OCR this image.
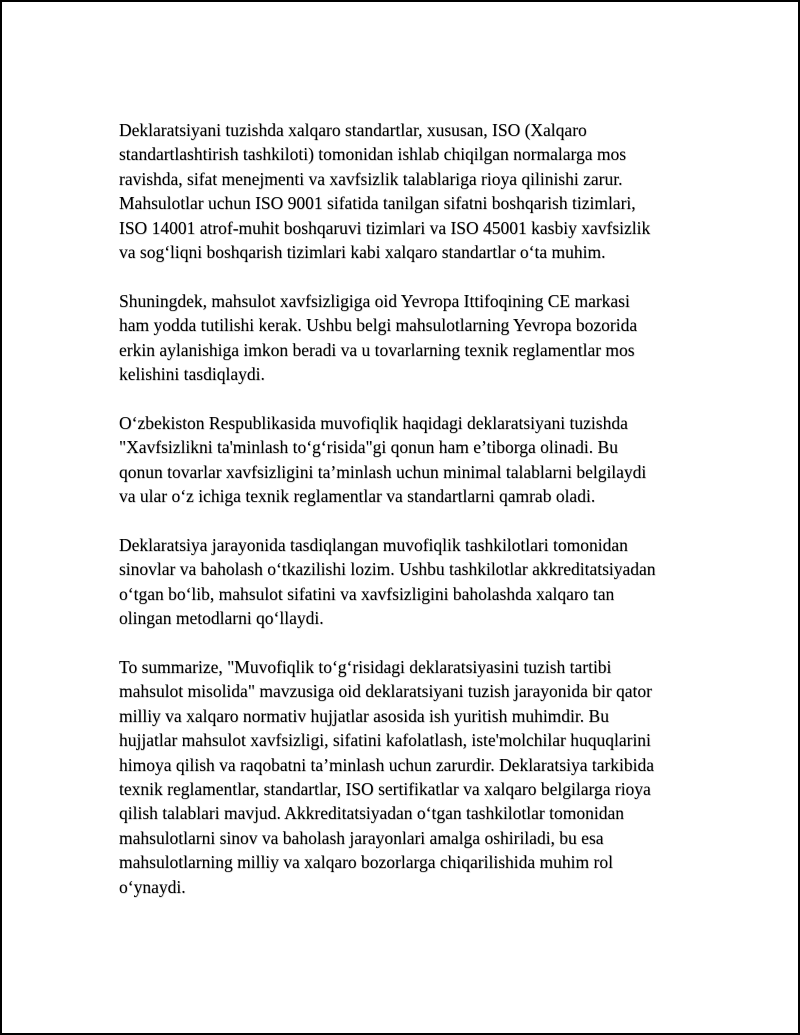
Deklaratsiyani tuzishda xalqaro standartlar, xususan, ISO (Xalqaro
standartlashtirish tashkiloti) tomonidan ishlab chiqilgan normalarga mos
ravishda, sifat menejmenti va xavfsizlik talablariga rioya qilinishi zarur.
Mahsulotlar uchun ISO 9001 sifatida tanilgan sifatni boshqarish tizimlari,
ISO 14001 atrof-muhit boshqaruvi tizimlari va ISO 45001 kasbiy xavfsizlik
va sog‘liqni boshqarish tizimlari kabi xalqaro standartlar o‘ta muhim.

Shuningdek, mahsulot xavfsizligiga oid Yevropa Ittifoqining CE markasi
ham yodda tutilishi kerak. Ushbu belgi mahsulotlarning Yevropa bozorida
erkin aylanishiga imkon beradi va u tovarlarning texnik reglamentlar mos
kelishini tasdiqlaydi.

O‘zbekiston Respublikasida muvofiqlik haqidagi deklaratsiyani tuzishda
"Xavfsizlikni ta'minlash to‘g‘risida"gi qonun ham e’tiborga olinadi. Bu
qonun tovarlar xavfsizligini ta’minlash uchun minimal talablarni belgilaydi
va ular o‘z ichiga texnik reglamentlar va standartlarni qamrab oladi.

Deklaratsiya jarayonida tasdiqlangan muvofiqlik tashkilotlari tomonidan
sinovlar va baholash o‘tkazilishi lozim. Ushbu tashkilotlar akkreditatsiyadan
o‘tgan bo‘lib, mahsulot sifatini va xavfsizligini baholashda xalqaro tan
olingan metodlarni qo‘llaydi.

To summarize, "Muvofiqlik to‘g‘risidagi deklaratsiyasini tuzish tartibi
mahsulot misolida" mavzusiga oid deklaratsiyani tuzish jarayonida bir qator
milliy va xalqaro normativ hujjatlar asosida ish yuritish muhimdir. Bu
hujjatlar mahsulot xavfsizligi, sifatini kafolatlash, iste'molchilar huquqlarini
himoya qilish va raqobatni ta’minlash uchun zarurdir. Deklaratsiya tarkibida
texnik reglamentlar, standartlar, ISO sertifikatlar va xalqaro belgilarga rioya
qilish talablari mavjud. Akkreditatsiyadan o‘tgan tashkilotlar tomonidan
mahsulotlarni sinov va baholash jarayonlari amalga oshiriladi, bu esa
mahsulotlarning milliy va xalqaro bozorlarga chiqarilishida muhim rol
o‘ynaydi.
